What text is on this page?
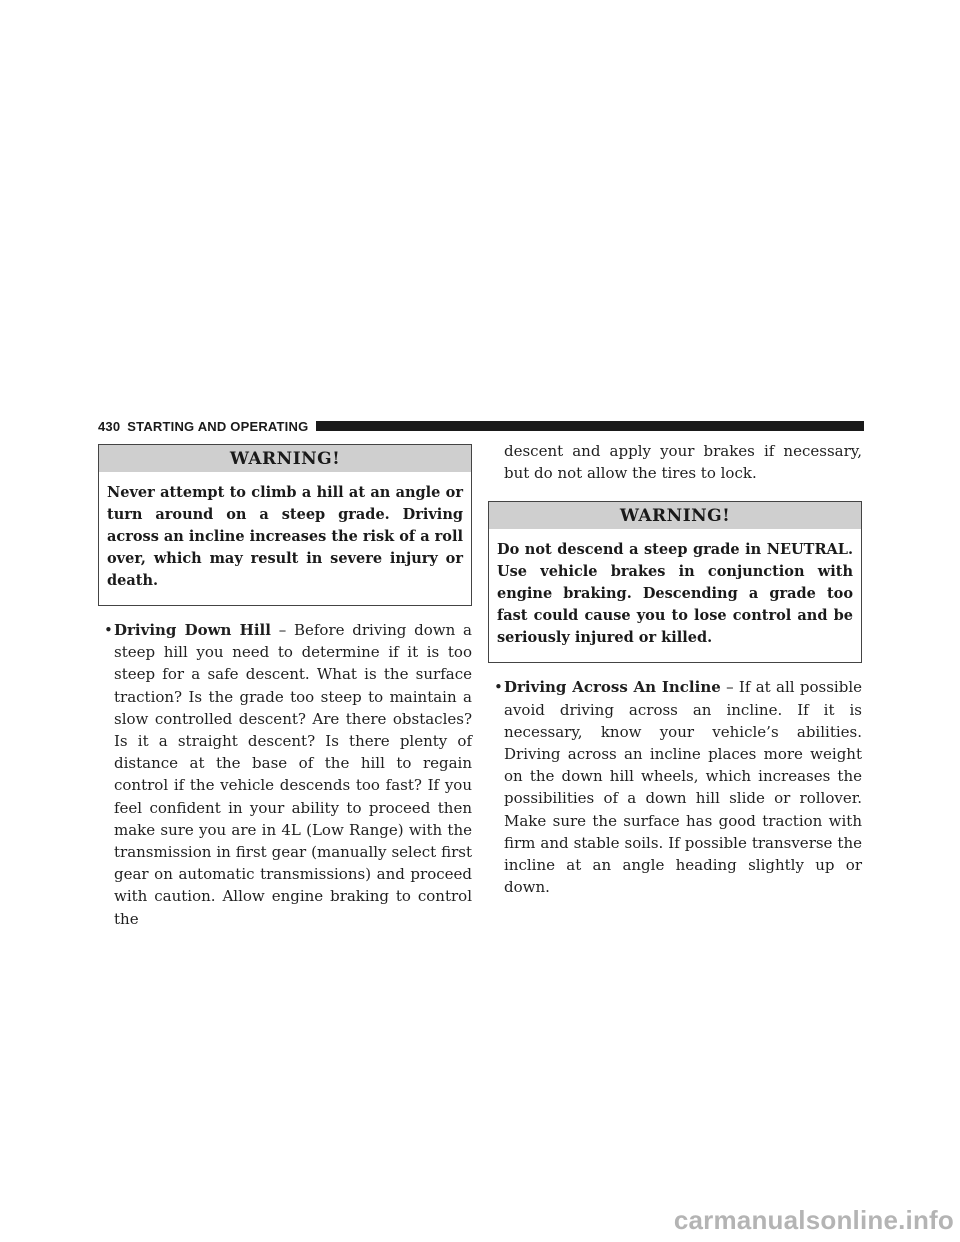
430 STARTING AND OPERATING
WARNING!
Never attempt to climb a hill at an angle or turn around on a steep grade. Driving across an incline increases the risk of a roll over, which may result in severe injury or death.
• Driving Down Hill – Before driving down a steep hill you need to determine if it is too steep for a safe descent. What is the surface traction? Is the grade too steep to maintain a slow controlled descent? Are there obstacles? Is it a straight descent? Is there plenty of distance at the base of the hill to regain control if the vehicle descends too fast? If you feel confident in your ability to proceed then make sure you are in 4L (Low Range) with the transmission in first gear (manually select first gear on automatic transmissions) and proceed with caution. Allow engine braking to control the
descent and apply your brakes if necessary, but do not allow the tires to lock.
WARNING!
Do not descend a steep grade in NEUTRAL. Use vehicle brakes in conjunction with engine braking. Descending a grade too fast could cause you to lose control and be seriously injured or killed.
• Driving Across An Incline – If at all possible avoid driving across an incline. If it is necessary, know your vehicle’s abilities. Driving across an incline places more weight on the down hill wheels, which increases the possibilities of a down hill slide or rollover. Make sure the surface has good traction with firm and stable soils. If possible transverse the incline at an angle heading slightly up or down.
carmanualsonline.info
